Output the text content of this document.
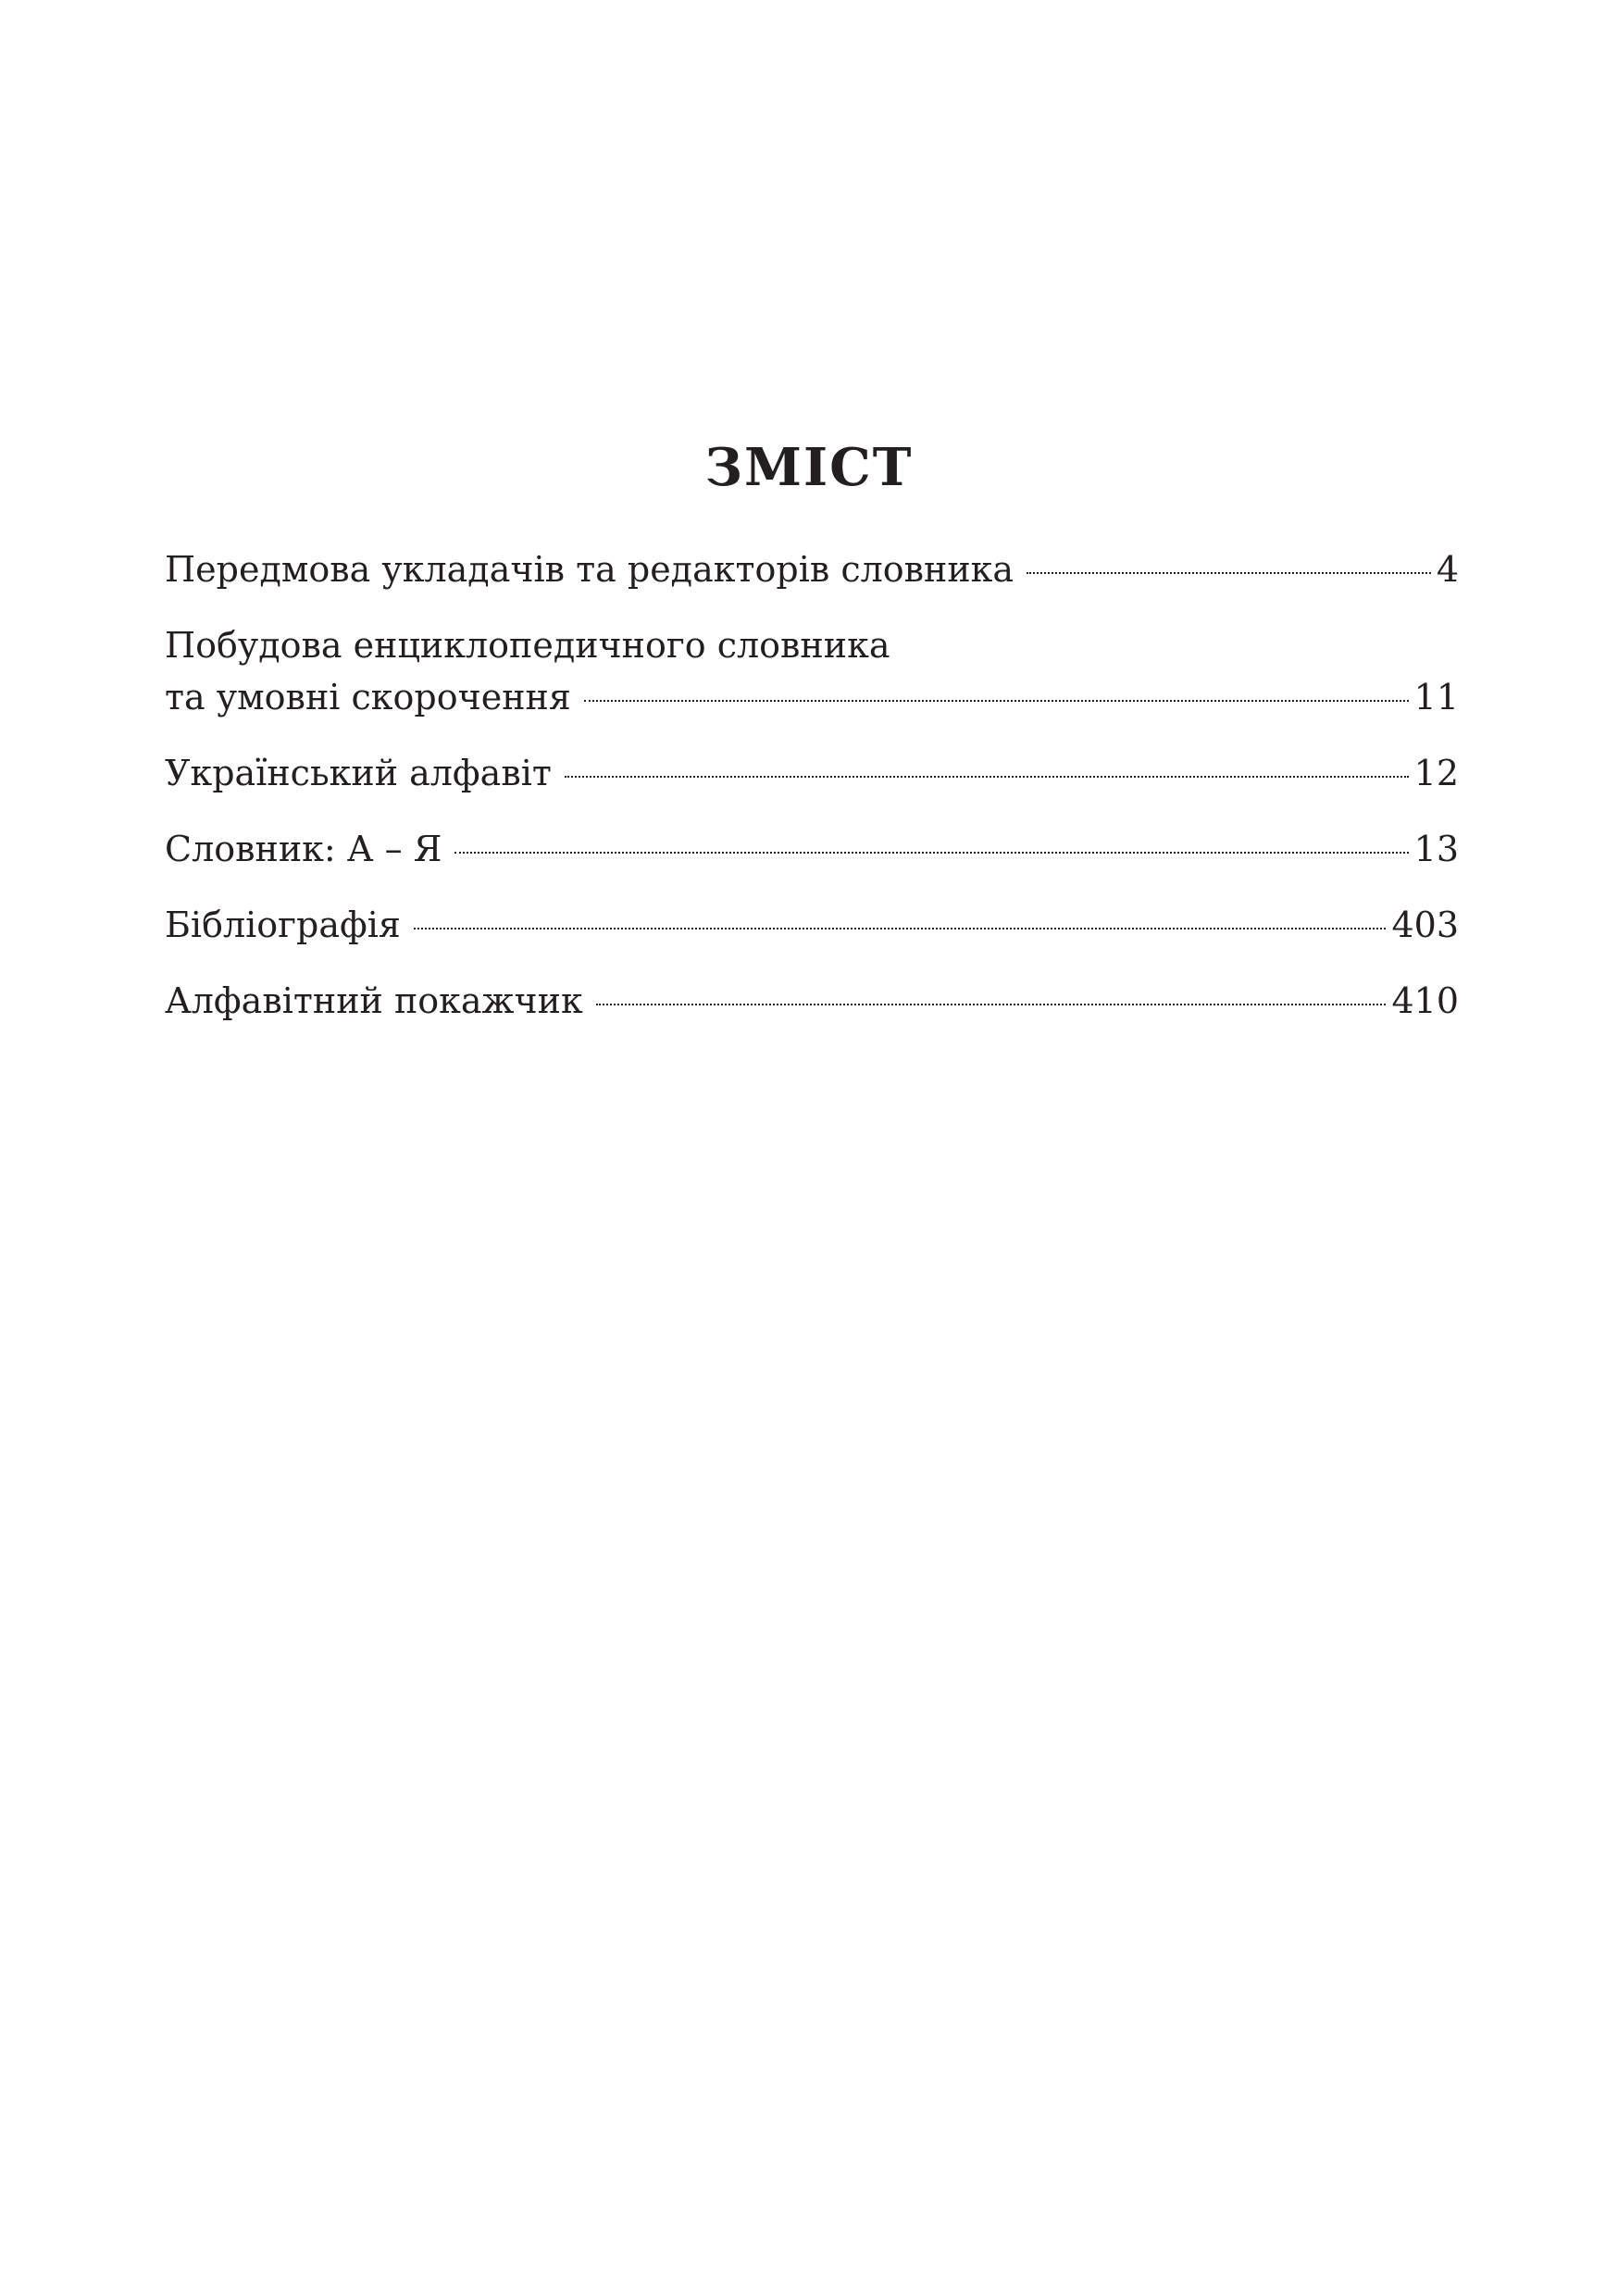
ЗМІСТ
Передмова укладачів та редакторів словника	4
Побудова енциклопедичного словника
та умовні скорочення	11
Український алфавіт	12
Словник: А – Я	13
Бібліографія	403
Алфавітний покажчик	410
